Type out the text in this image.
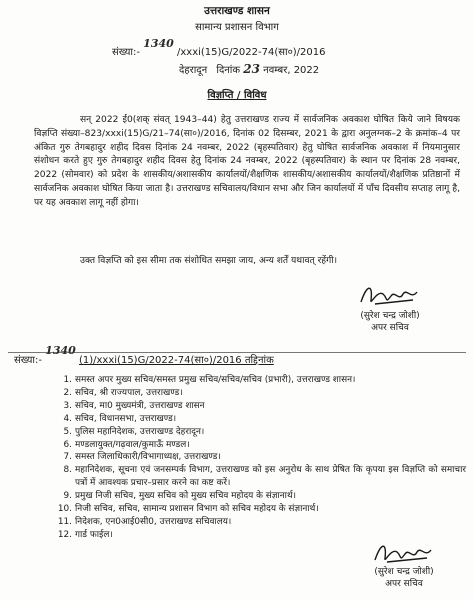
उत्तराखण्ड शासन
सामान्य प्रशासन विभाग
संख्या:- 1340 /xxxi(15)G/2022-74(सा०)/2016
देहरादून दिनांक 23 नवम्बर, 2022
विज्ञप्ति / विविध
सन् 2022 ई0(शक् संवत् 1943–44) हेतु उत्तराखण्ड राज्य में सार्वजनिक अवकाश घोषित किये जाने विषयक विज्ञप्ति संख्या–823/xxxi(15)G/21–74(सा०)/2016, दिनांक 02 दिसम्बर, 2021 के द्वारा अनुलग्नक–2 के क्रमांक–4 पर अंकित गुरु तेगबहादुर शहीद दिवस दिनांक 24 नवम्बर, 2022 (बृहस्पतिवार) हेतु घोषित सार्वजनिक अवकाश में नियमानुसार संशोधन करते हुए गुरु तेगबहादुर शहीद दिवस हेतु दिनांक 24 नवम्बर, 2022 (बृहस्पतिवार) के स्थान पर दिनांक 28 नवम्बर, 2022 (सोमवार) को प्रदेश के शासकीय/अशासकीय कार्यालयों/शैक्षणिक शासकीय/अशासकीय कार्यालयों/शैक्षणिक प्रतिष्ठानों में सार्वजनिक अवकाश घोषित किया जाता है। उत्तराखण्ड सचिवालय/विधान सभा और जिन कार्यालयों में पाँच दिवसीय सप्ताह लागू है, पर यह अवकाश लागू नहीं होगा।
उक्त विज्ञप्ति को इस सीमा तक संशोधित समझा जाय, अन्य शर्तें यथावत् रहेंगी।
(सुरेश चन्द्र जोशी)
अपर सचिव
संख्या:- 1340 (1)/xxxi(15)G/2022-74(सा०)/2016 तद्दिनांक
1. समस्त अपर मुख्य सचिव/समस्त प्रमुख सचिव/सचिव/सचिव (प्रभारी), उत्तराखण्ड शासन।
2. सचिव, श्री राज्यपाल, उत्तराखण्ड।
3. सचिव, मा0 मुख्यमंत्री, उत्तराखण्ड शासन
4. सचिव, विधानसभा, उत्तराखण्ड।
5. पुलिस महानिदेशक, उत्तराखण्ड देहरादून।
6. मण्डलायुक्त/गढ़वाल/कुमाऊँ मण्डल।
7. समस्त जिलाधिकारी/विभागाध्यक्ष, उत्तराखण्ड।
8. महानिदेशक, सूचना एवं जनसम्पर्क विभाग, उत्तराखण्ड को इस अनुरोध के साथ प्रेषित कि कृपया इस विज्ञप्ति को समाचार पत्रों में आवश्यक प्रचार–प्रसार करने का कष्ट करें।
9. प्रमुख निजी सचिव, मुख्य सचिव को मुख्य सचिव महोदय के संज्ञानार्थ।
10. निजी सचिव, सचिव, सामान्य प्रशासन विभाग को सचिव महोदय के संज्ञानार्थ।
11. निदेशक, एन0आई0सी0, उत्तराखण्ड सचिवालय।
12. गार्ड फाईल।
(सुरेश चन्द्र जोशी)
अपर सचिव
